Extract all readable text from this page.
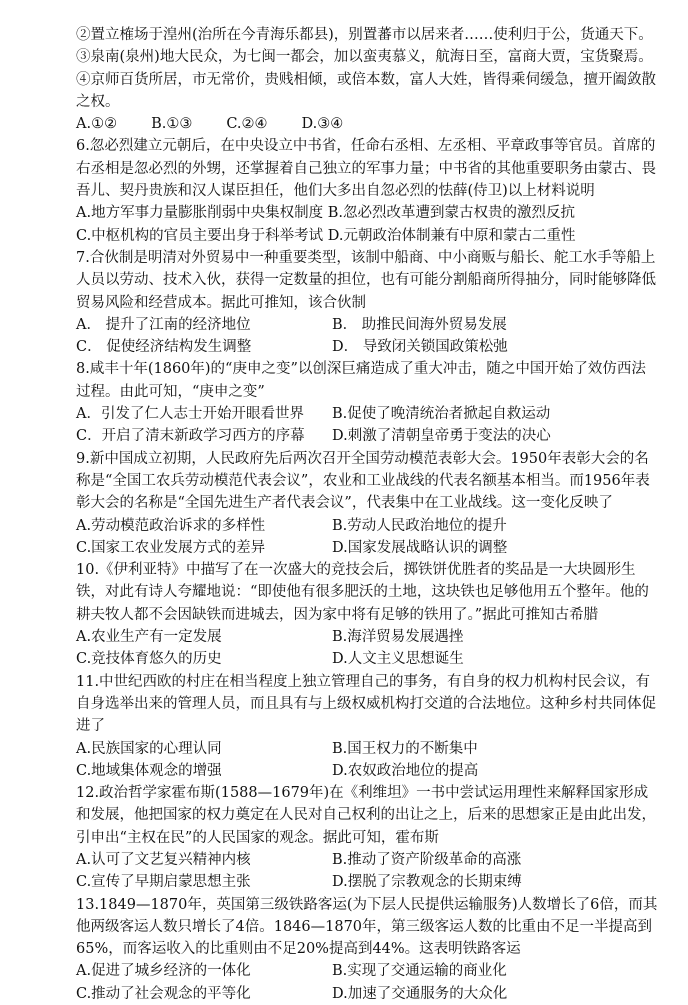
②置立榷场于湟州(治所在今青海乐都县)，别置蕃市以居来者……使利归于公，货通天下。

③泉南(泉州)地大民众，为七闽一都会，加以蛮夷慕义，航海日至，富商大贾，宝货聚焉。

④京师百货所居，市无常价，贵贱相倾，或倍本数，富人大姓，皆得乘伺缓急，擅开阖敛散之权。

A.①② B.①③ C.②④ D.③④

6.忽必烈建立元朝后，在中央设立中书省，任命右丞相、左丞相、平章政事等官员。首席的右丞相是忽必烈的外甥，还掌握着自己独立的军事力量；中书省的其他重要职务由蒙古、畏吾儿、契丹贵族和汉人谋臣担任，他们大多出自忽必烈的怯薛(侍卫)以上材料说明

A.地方军事力量膨胀削弱中央集权制度 B.忽必烈改革遭到蒙古权贵的激烈反抗

C.中枢机构的官员主要出身于科举考试 D.元朝政治体制兼有中原和蒙古二重性

7.合伙制是明清对外贸易中一种重要类型，该制中船商、中小商贩与船长、舵工水手等船上人员以劳动、技术入伙，获得一定数量的担位，也有可能分割船商所得抽分，同时能够降低贸易风险和经营成本。据此可推知，该合伙制

A． 提升了江南的经济地位	B． 助推民间海外贸易发展
C． 促使经济结构发生调整	D． 导致闭关锁国政策松弛

8.咸丰十年(1860年)的“庚申之变”以创深巨痛造成了重大冲击，随之中国开始了效仿西法过程。由此可知，“庚申之变”

A．引发了仁人志士开始开眼看世界	B.促使了晚清统治者掀起自救运动
C．开启了清末新政学习西方的序幕	D.刺激了清朝皇帝勇于变法的决心

9.新中国成立初期，人民政府先后两次召开全国劳动模范表彰大会。1950年表彰大会的名称是“全国工农兵劳动模范代表会议”，农业和工业战线的代表名额基本相当。而1956年表彰大会的名称是“全国先进生产者代表会议”，代表集中在工业战线。这一变化反映了

A.劳动模范政治诉求的多样性	B.劳动人民政治地位的提升
C.国家工农业发展方式的差异	D.国家发展战略认识的调整

10.《伊利亚特》中描写了在一次盛大的竞技会后，掷铁饼优胜者的奖品是一大块圆形生铁，对此有诗人夸耀地说：“即使他有很多肥沃的土地，这块铁也足够他用五个整年。他的耕夫牧人都不会因缺铁而进城去，因为家中将有足够的铁用了。”据此可推知古希腊

A.农业生产有一定发展	B.海洋贸易发展遇挫
C.竞技体育悠久的历史	D.人文主义思想诞生

11.中世纪西欧的村庄在相当程度上独立管理自己的事务，有自身的权力机构村民会议，有自身选举出来的管理人员，而且具有与上级权威机构打交道的合法地位。这种乡村共同体促进了

A.民族国家的心理认同	B.国王权力的不断集中
C.地域集体观念的增强	D.农奴政治地位的提高

12.政治哲学家霍布斯(1588—1679年)在《利维坦》一书中尝试运用理性来解释国家形成和发展，他把国家的权力奠定在人民对自己权利的出让之上，后来的思想家正是由此出发，引申出“主权在民”的人民国家的观念。据此可知，霍布斯

A.认可了文艺复兴精神内核	B.推动了资产阶级革命的高涨
C.宣传了早期启蒙思想主张	D.摆脱了宗教观念的长期束缚

13.1849—1870年，英国第三级铁路客运(为下层人民提供运输服务)人数增长了6倍，而其他两级客运人数只增长了4倍。1846—1870年，第三级客运人数的比重由不足一半提高到65%，而客运收入的比重则由不足20%提高到44%。这表明铁路客运

A.促进了城乡经济的一体化	B.实现了交通运输的商业化
C.推动了社会观念的平等化	D.加速了交通服务的大众化
